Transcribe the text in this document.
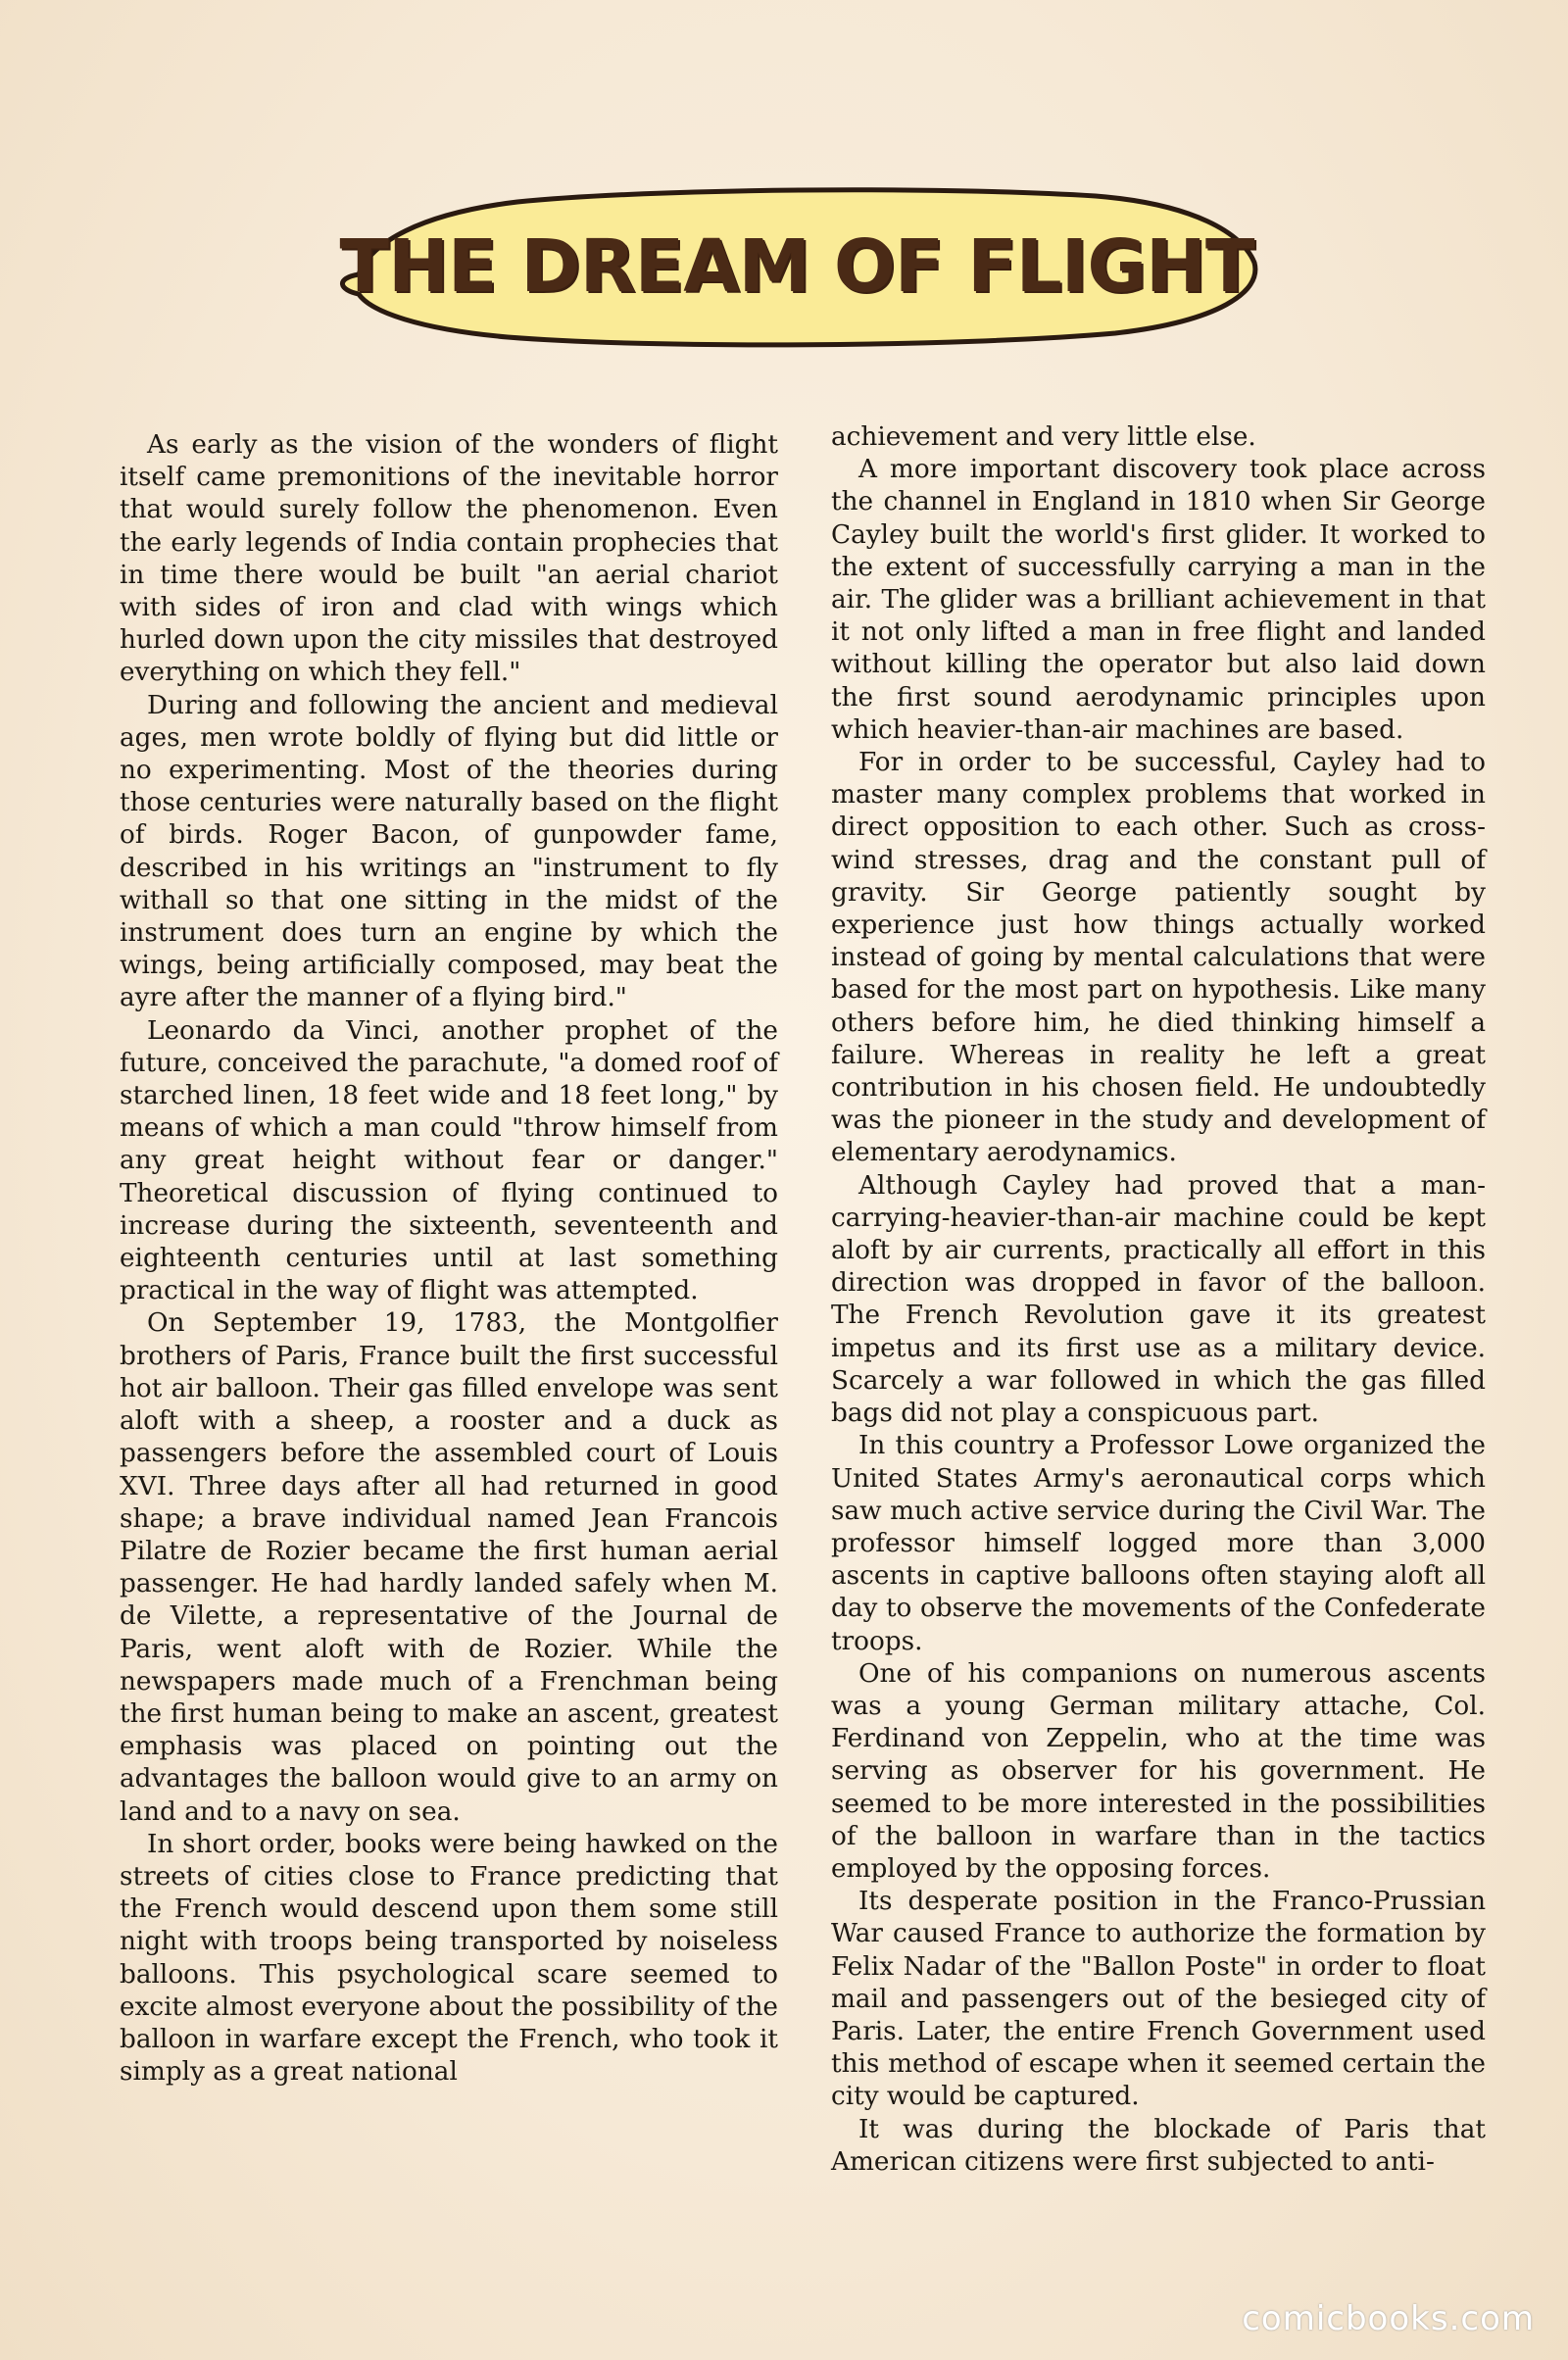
THE DREAM OF FLIGHT

As early as the vision of the wonders of flight itself came premonitions of the inevitable horror that would surely follow the phenomenon. Even the early legends of India contain prophecies that in time there would be built "an aerial chariot with sides of iron and clad with wings which hurled down upon the city missiles that destroyed everything on which they fell."

During and following the ancient and medieval ages, men wrote boldly of flying but did little or no experimenting. Most of the theories during those centuries were naturally based on the flight of birds. Roger Bacon, of gunpowder fame, described in his writings an "instrument to fly withall so that one sitting in the midst of the instrument does turn an engine by which the wings, being artificially composed, may beat the ayre after the manner of a flying bird."

Leonardo da Vinci, another prophet of the future, conceived the parachute, "a domed roof of starched linen, 18 feet wide and 18 feet long," by means of which a man could "throw himself from any great height without fear or danger." Theoretical discussion of flying continued to increase during the sixteenth, seventeenth and eighteenth centuries until at last something practical in the way of flight was attempted.

On September 19, 1783, the Montgolfier brothers of Paris, France built the first successful hot air balloon. Their gas filled envelope was sent aloft with a sheep, a rooster and a duck as passengers before the assembled court of Louis XVI. Three days after all had returned in good shape; a brave individual named Jean Francois Pilatre de Rozier became the first human aerial passenger. He had hardly landed safely when M. de Vilette, a representative of the Journal de Paris, went aloft with de Rozier. While the newspapers made much of a Frenchman being the first human being to make an ascent, greatest emphasis was placed on pointing out the advantages the balloon would give to an army on land and to a navy on sea.

In short order, books were being hawked on the streets of cities close to France predicting that the French would descend upon them some still night with troops being transported by noiseless balloons. This psychological scare seemed to excite almost everyone about the possibility of the balloon in warfare except the French, who took it simply as a great national

achievement and very little else.

A more important discovery took place across the channel in England in 1810 when Sir George Cayley built the world's first glider. It worked to the extent of successfully carrying a man in the air. The glider was a brilliant achievement in that it not only lifted a man in free flight and landed without killing the operator but also laid down the first sound aerodynamic principles upon which heavier-than-air machines are based.

For in order to be successful, Cayley had to master many complex problems that worked in direct opposition to each other. Such as cross-wind stresses, drag and the constant pull of gravity. Sir George patiently sought by experience just how things actually worked instead of going by mental calculations that were based for the most part on hypothesis. Like many others before him, he died thinking himself a failure. Whereas in reality he left a great contribution in his chosen field. He undoubtedly was the pioneer in the study and development of elementary aerodynamics.

Although Cayley had proved that a man-carrying-heavier-than-air machine could be kept aloft by air currents, practically all effort in this direction was dropped in favor of the balloon. The French Revolution gave it its greatest impetus and its first use as a military device. Scarcely a war followed in which the gas filled bags did not play a conspicuous part.

In this country a Professor Lowe organized the United States Army's aeronautical corps which saw much active service during the Civil War. The professor himself logged more than 3,000 ascents in captive balloons often staying aloft all day to observe the movements of the Confederate troops.

One of his companions on numerous ascents was a young German military attache, Col. Ferdinand von Zeppelin, who at the time was serving as observer for his government. He seemed to be more interested in the possibilities of the balloon in warfare than in the tactics employed by the opposing forces.

Its desperate position in the Franco-Prussian War caused France to authorize the formation by Felix Nadar of the "Ballon Poste" in order to float mail and passengers out of the besieged city of Paris. Later, the entire French Government used this method of escape when it seemed certain the city would be captured.

It was during the blockade of Paris that American citizens were first subjected to anti-

comicbooks.com
